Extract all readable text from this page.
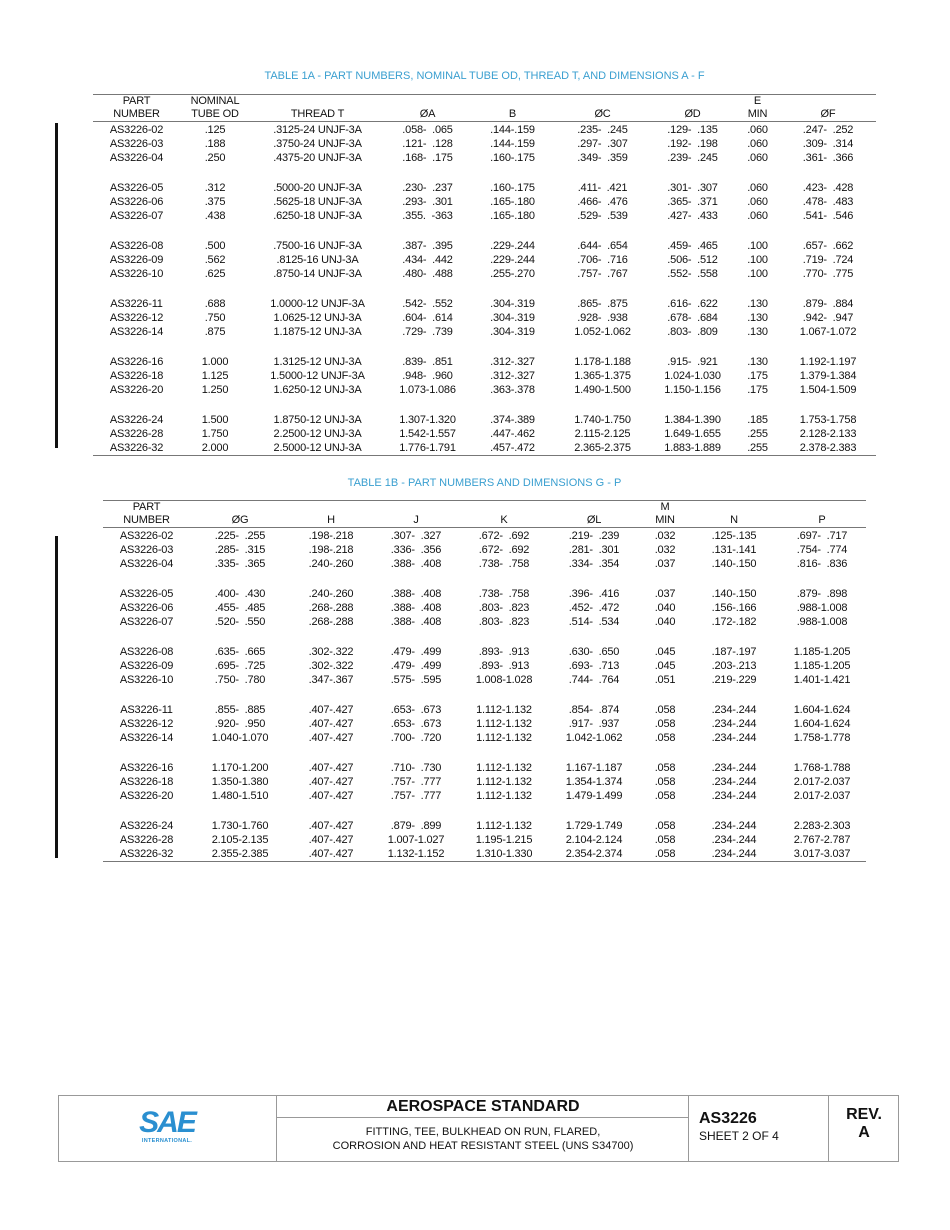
TABLE 1A - PART NUMBERS, NOMINAL TUBE OD, THREAD T, AND DIMENSIONS A - F
PART	NOMINAL						E	
NUMBER	TUBE OD	THREAD T	ØA	B	ØC	ØD	MIN	ØF
AS3226-02	.125	.3125-24 UNJF-3A	.058-  .065	.144-.159	.235-  .245	.129-  .135	.060	.247-  .252
AS3226-03	.188	.3750-24 UNJF-3A	.121-  .128	.144-.159	.297-  .307	.192-  .198	.060	.309-  .314
AS3226-04	.250	.4375-20 UNJF-3A	.168-  .175	.160-.175	.349-  .359	.239-  .245	.060	.361-  .366
AS3226-05	.312	.5000-20 UNJF-3A	.230-  .237	.160-.175	.411-  .421	.301-  .307	.060	.423-  .428
AS3226-06	.375	.5625-18 UNJF-3A	.293-  .301	.165-.180	.466-  .476	.365-  .371	.060	.478-  .483
AS3226-07	.438	.6250-18 UNJF-3A	.355.  -363	.165-.180	.529-  .539	.427-  .433	.060	.541-  .546
AS3226-08	.500	.7500-16 UNJF-3A	.387-  .395	.229-.244	.644-  .654	.459-  .465	.100	.657-  .662
AS3226-09	.562	.8125-16 UNJ-3A	.434-  .442	.229-.244	.706-  .716	.506-  .512	.100	.719-  .724
AS3226-10	.625	.8750-14 UNJF-3A	.480-  .488	.255-.270	.757-  .767	.552-  .558	.100	.770-  .775
AS3226-11	.688	1.0000-12 UNJF-3A	.542-  .552	.304-.319	.865-  .875	.616-  .622	.130	.879-  .884
AS3226-12	.750	1.0625-12 UNJ-3A	.604-  .614	.304-.319	.928-  .938	.678-  .684	.130	.942-  .947
AS3226-14	.875	1.1875-12 UNJ-3A	.729-  .739	.304-.319	1.052-1.062	.803-  .809	.130	1.067-1.072
AS3226-16	1.000	1.3125-12 UNJ-3A	.839-  .851	.312-.327	1.178-1.188	.915-  .921	.130	1.192-1.197
AS3226-18	1.125	1.5000-12 UNJF-3A	.948-  .960	.312-.327	1.365-1.375	1.024-1.030	.175	1.379-1.384
AS3226-20	1.250	1.6250-12 UNJ-3A	1.073-1.086	.363-.378	1.490-1.500	1.150-1.156	.175	1.504-1.509
AS3226-24	1.500	1.8750-12 UNJ-3A	1.307-1.320	.374-.389	1.740-1.750	1.384-1.390	.185	1.753-1.758
AS3226-28	1.750	2.2500-12 UNJ-3A	1.542-1.557	.447-.462	2.115-2.125	1.649-1.655	.255	2.128-2.133
AS3226-32	2.000	2.5000-12 UNJ-3A	1.776-1.791	.457-.472	2.365-2.375	1.883-1.889	.255	2.378-2.383
TABLE 1B - PART NUMBERS AND DIMENSIONS G - P
PART						M		
NUMBER	ØG	H	J	K	ØL	MIN	N	P
AS3226-02	.225-  .255	.198-.218	.307-  .327	.672-  .692	.219-  .239	.032	.125-.135	.697-  .717
AS3226-03	.285-  .315	.198-.218	.336-  .356	.672-  .692	.281-  .301	.032	.131-.141	.754-  .774
AS3226-04	.335-  .365	.240-.260	.388-  .408	.738-  .758	.334-  .354	.037	.140-.150	.816-  .836
AS3226-05	.400-  .430	.240-.260	.388-  .408	.738-  .758	.396-  .416	.037	.140-.150	.879-  .898
AS3226-06	.455-  .485	.268-.288	.388-  .408	.803-  .823	.452-  .472	.040	.156-.166	.988-1.008
AS3226-07	.520-  .550	.268-.288	.388-  .408	.803-  .823	.514-  .534	.040	.172-.182	.988-1.008
AS3226-08	.635-  .665	.302-.322	.479-  .499	.893-  .913	.630-  .650	.045	.187-.197	1.185-1.205
AS3226-09	.695-  .725	.302-.322	.479-  .499	.893-  .913	.693-  .713	.045	.203-.213	1.185-1.205
AS3226-10	.750-  .780	.347-.367	.575-  .595	1.008-1.028	.744-  .764	.051	.219-.229	1.401-1.421
AS3226-11	.855-  .885	.407-.427	.653-  .673	1.112-1.132	.854-  .874	.058	.234-.244	1.604-1.624
AS3226-12	.920-  .950	.407-.427	.653-  .673	1.112-1.132	.917-  .937	.058	.234-.244	1.604-1.624
AS3226-14	1.040-1.070	.407-.427	.700-  .720	1.112-1.132	1.042-1.062	.058	.234-.244	1.758-1.778
AS3226-16	1.170-1.200	.407-.427	.710-  .730	1.112-1.132	1.167-1.187	.058	.234-.244	1.768-1.788
AS3226-18	1.350-1.380	.407-.427	.757-  .777	1.112-1.132	1.354-1.374	.058	.234-.244	2.017-2.037
AS3226-20	1.480-1.510	.407-.427	.757-  .777	1.112-1.132	1.479-1.499	.058	.234-.244	2.017-2.037
AS3226-24	1.730-1.760	.407-.427	.879-  .899	1.112-1.132	1.729-1.749	.058	.234-.244	2.283-2.303
AS3226-28	2.105-2.135	.407-.427	1.007-1.027	1.195-1.215	2.104-2.124	.058	.234-.244	2.767-2.787
AS3226-32	2.355-2.385	.407-.427	1.132-1.152	1.310-1.330	2.354-2.374	.058	.234-.244	3.017-3.037
SAE
INTERNATIONAL.
AEROSPACE STANDARD
FITTING, TEE, BULKHEAD ON RUN, FLARED,
CORROSION AND HEAT RESISTANT STEEL (UNS S34700)
AS3226
SHEET 2 OF 4
REV.
A
